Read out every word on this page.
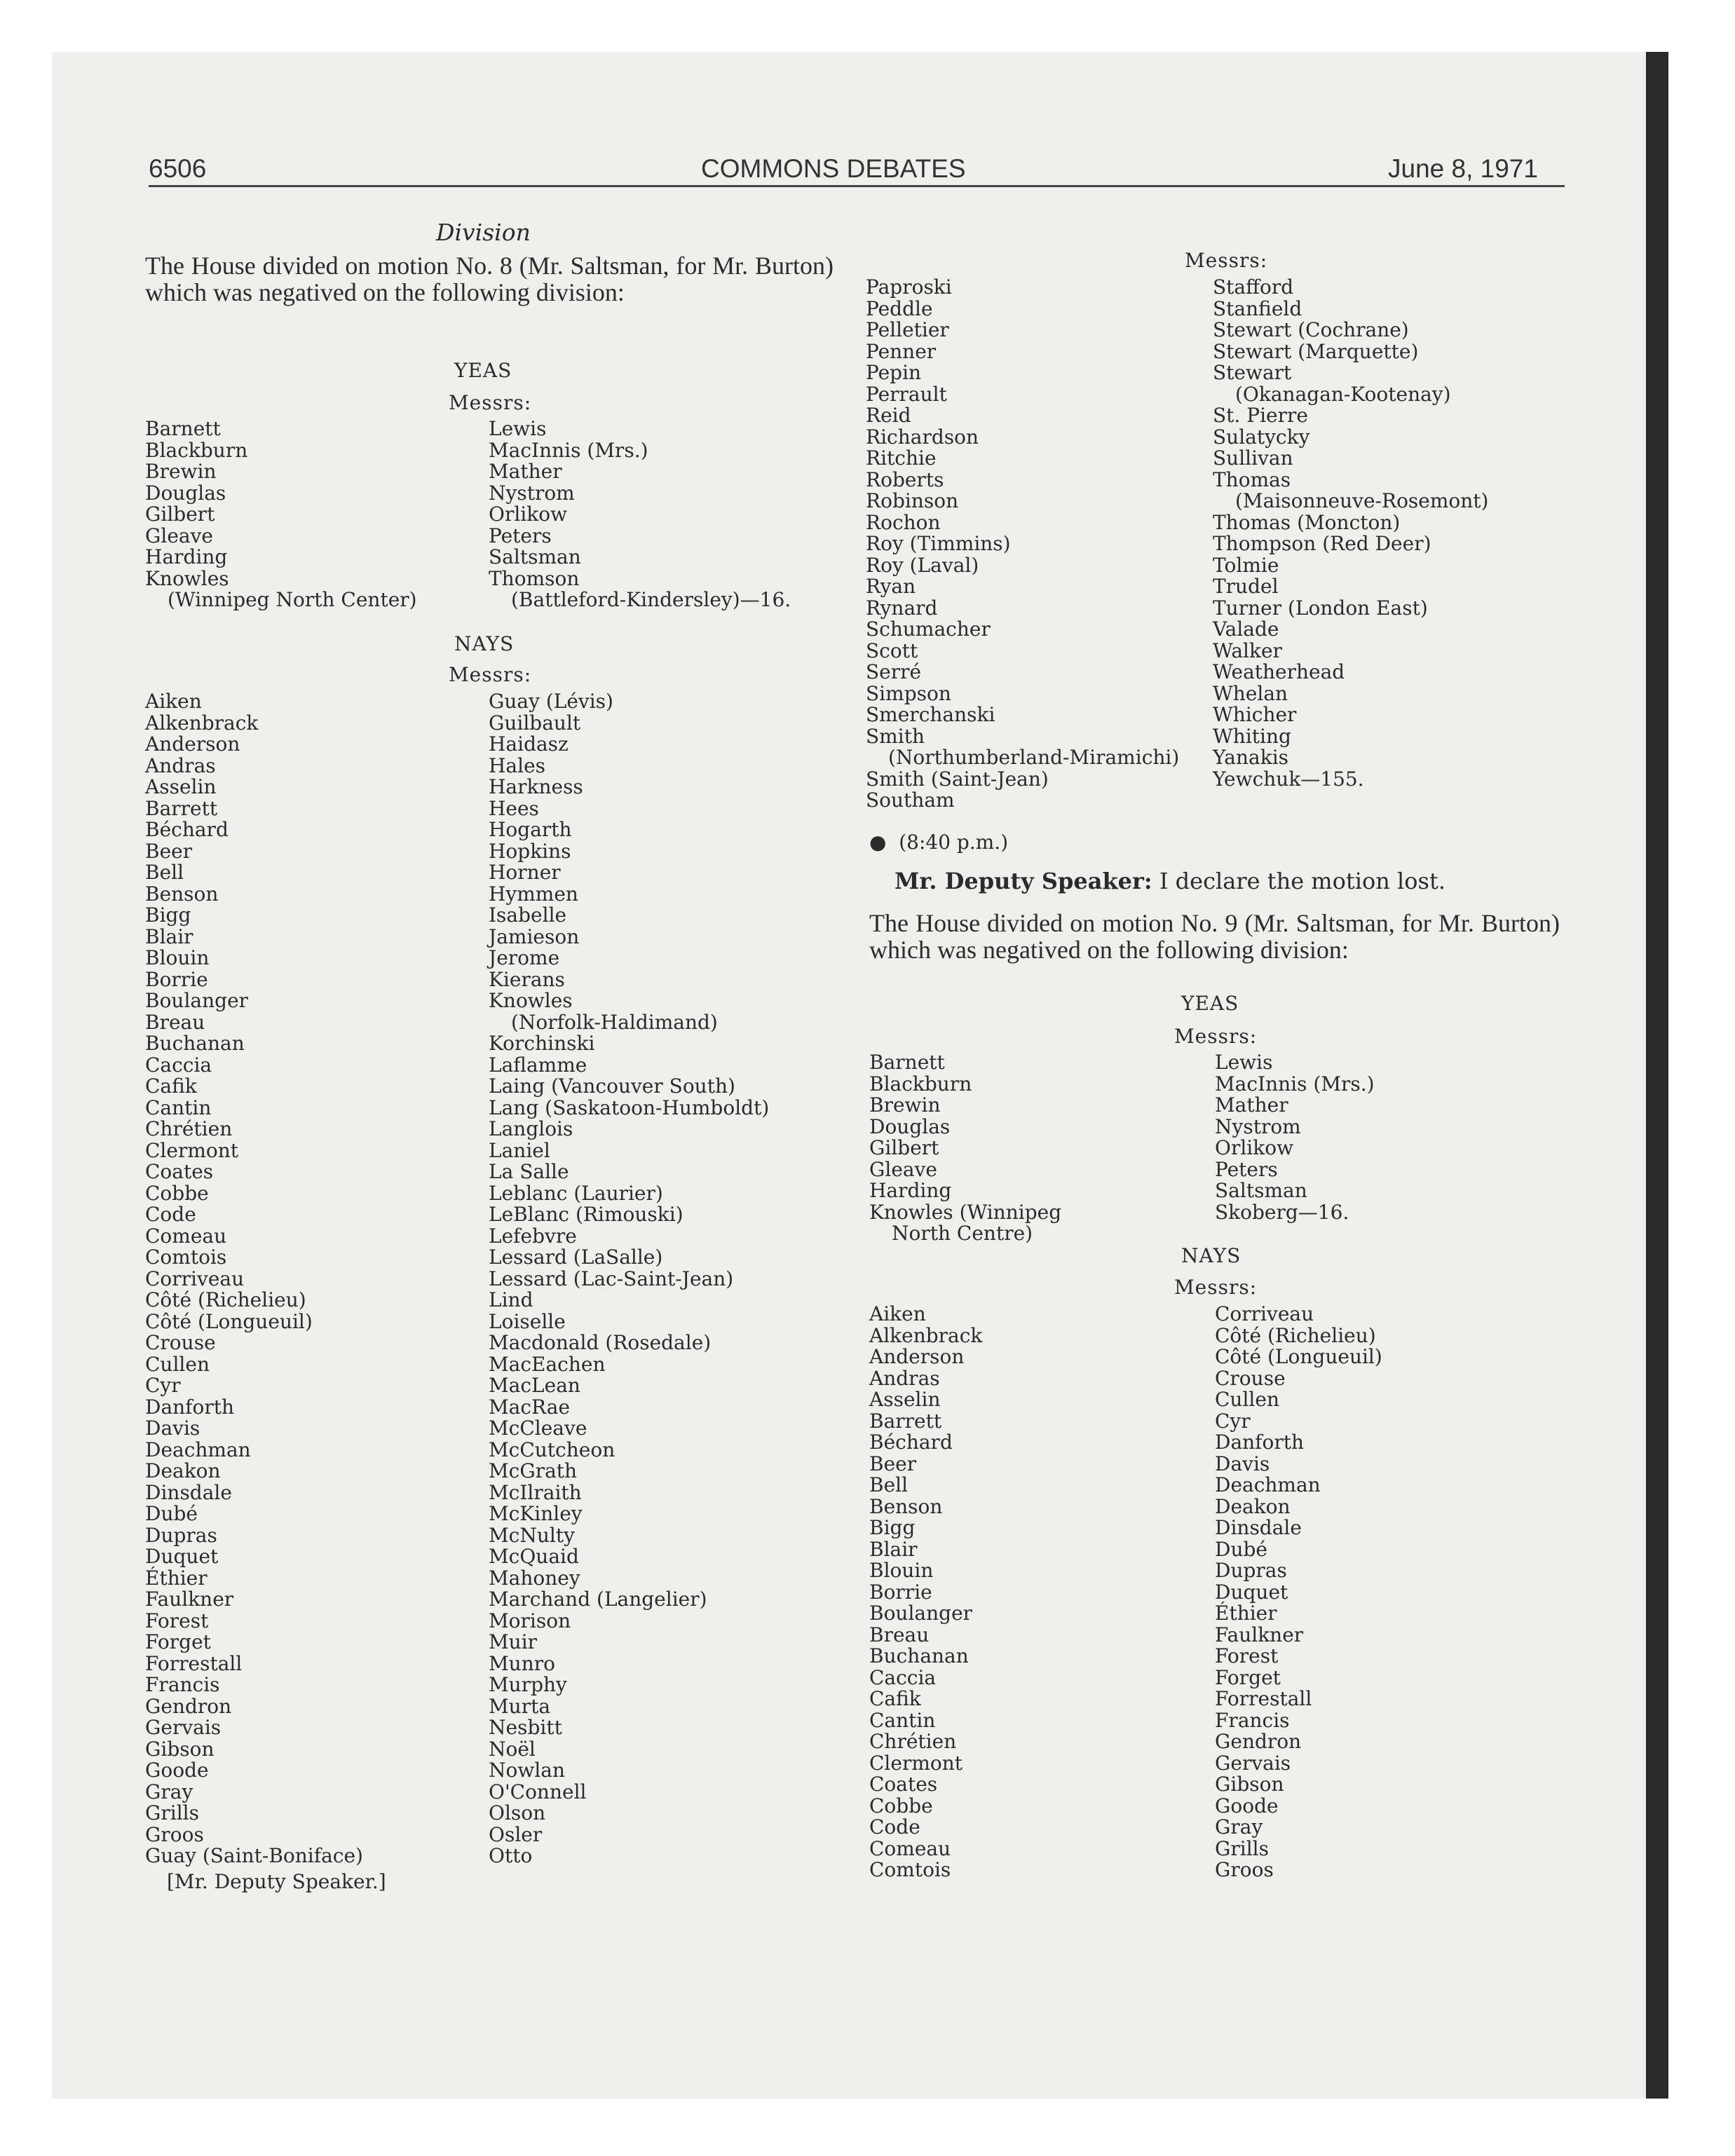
6506	COMMONS DEBATES	June 8, 1971
Division
The House divided on motion No. 8 (Mr. Saltsman, for Mr. Burton) which was negatived on the following division:
YEAS
Messrs:
Barnett
Blackburn
Brewin
Douglas
Gilbert
Gleave
Harding
Knowles
(Winnipeg North Center)
Lewis
MacInnis (Mrs.)
Mather
Nystrom
Orlikow
Peters
Saltsman
Thomson
(Battleford-Kindersley)—16.
NAYS
Messrs:
Aiken
Alkenbrack
Anderson
Andras
Asselin
Barrett
Béchard
Beer
Bell
Benson
Bigg
Blair
Blouin
Borrie
Boulanger
Breau
Buchanan
Caccia
Cafik
Cantin
Chrétien
Clermont
Coates
Cobbe
Code
Comeau
Comtois
Corriveau
Côté (Richelieu)
Côté (Longueuil)
Crouse
Cullen
Cyr
Danforth
Davis
Deachman
Deakon
Dinsdale
Dubé
Dupras
Duquet
Éthier
Faulkner
Forest
Forget
Forrestall
Francis
Gendron
Gervais
Gibson
Goode
Gray
Grills
Groos
Guay (Saint-Boniface)
Guay (Lévis)
Guilbault
Haidasz
Hales
Harkness
Hees
Hogarth
Hopkins
Horner
Hymmen
Isabelle
Jamieson
Jerome
Kierans
Knowles
(Norfolk-Haldimand)
Korchinski
Laflamme
Laing (Vancouver South)
Lang (Saskatoon-Humboldt)
Langlois
Laniel
La Salle
Leblanc (Laurier)
LeBlanc (Rimouski)
Lefebvre
Lessard (LaSalle)
Lessard (Lac-Saint-Jean)
Lind
Loiselle
Macdonald (Rosedale)
MacEachen
MacLean
MacRae
McCleave
McCutcheon
McGrath
McIlraith
McKinley
McNulty
McQuaid
Mahoney
Marchand (Langelier)
Morison
Muir
Munro
Murphy
Murta
Nesbitt
Noël
Nowlan
O'Connell
Olson
Osler
Otto
Messrs:
Paproski
Peddle
Pelletier
Penner
Pepin
Perrault
Reid
Richardson
Ritchie
Roberts
Robinson
Rochon
Roy (Timmins)
Roy (Laval)
Ryan
Rynard
Schumacher
Scott
Serré
Simpson
Smerchanski
Smith
(Northumberland-Miramichi)
Smith (Saint-Jean)
Southam
Stafford
Stanfield
Stewart (Cochrane)
Stewart (Marquette)
Stewart
(Okanagan-Kootenay)
St. Pierre
Sulatycky
Sullivan
Thomas
(Maisonneuve-Rosemont)
Thomas (Moncton)
Thompson (Red Deer)
Tolmie
Trudel
Turner (London East)
Valade
Walker
Weatherhead
Whelan
Whicher
Whiting
Yanakis
Yewchuk—155.
[Mr. Deputy Speaker.]
●  (8:40 p.m.)
Mr. Deputy Speaker: I declare the motion lost.
The House divided on motion No. 9 (Mr. Saltsman, for Mr. Burton) which was negatived on the following division:
YEAS
Messrs:
Barnett
Blackburn
Brewin
Douglas
Gilbert
Gleave
Harding
Knowles (Winnipeg
North Centre)
Lewis
MacInnis (Mrs.)
Mather
Nystrom
Orlikow
Peters
Saltsman
Skoberg—16.
NAYS
Messrs:
Aiken
Alkenbrack
Anderson
Andras
Asselin
Barrett
Béchard
Beer
Bell
Benson
Bigg
Blair
Blouin
Borrie
Boulanger
Breau
Buchanan
Caccia
Cafik
Cantin
Chrétien
Clermont
Coates
Cobbe
Code
Comeau
Comtois
Corriveau
Côté (Richelieu)
Côté (Longueuil)
Crouse
Cullen
Cyr
Danforth
Davis
Deachman
Deakon
Dinsdale
Dubé
Dupras
Duquet
Éthier
Faulkner
Forest
Forget
Forrestall
Francis
Gendron
Gervais
Gibson
Goode
Gray
Grills
Groos
